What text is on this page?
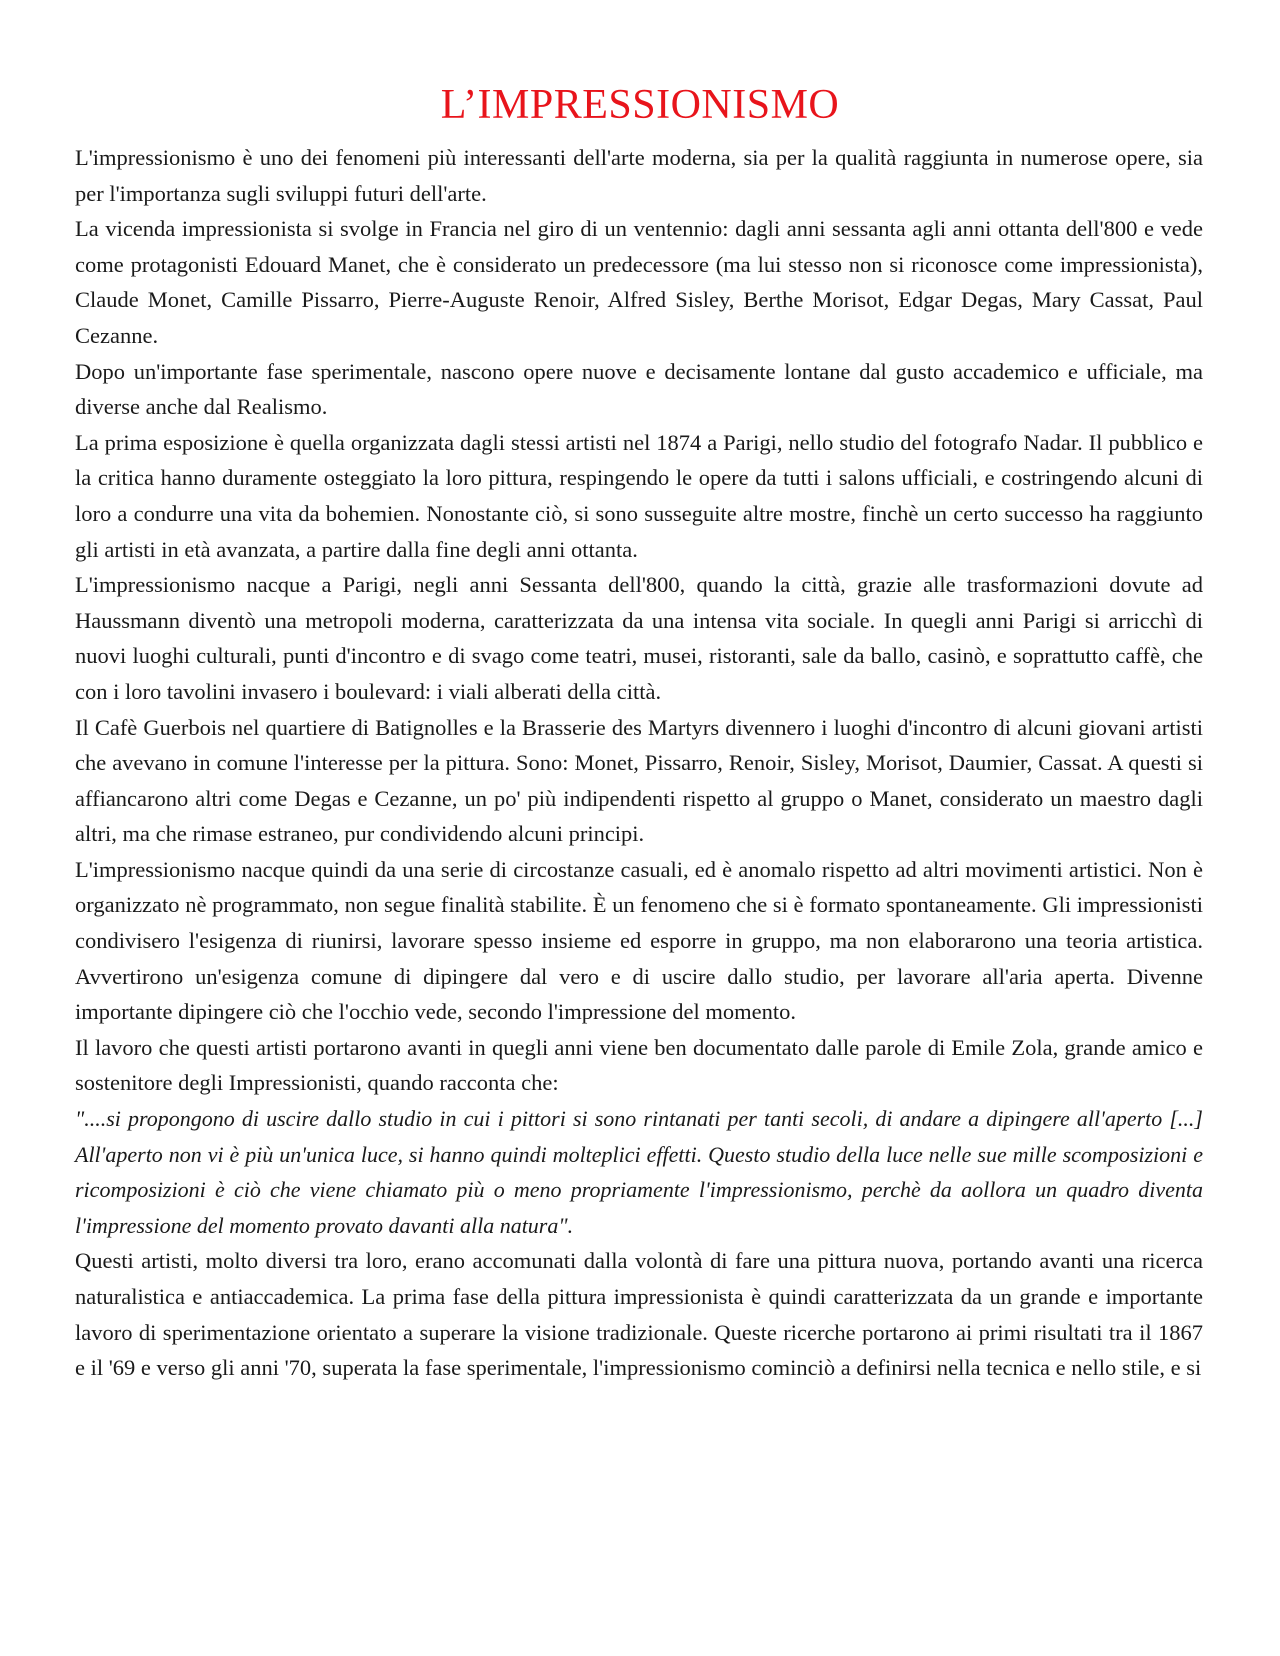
L’IMPRESSIONISMO

L'impressionismo è uno dei fenomeni più interessanti dell'arte moderna, sia per la qualità raggiunta in numerose opere, sia per l'importanza sugli sviluppi futuri dell'arte.

La vicenda impressionista si svolge in Francia nel giro di un ventennio: dagli anni sessanta agli anni ottanta dell'800 e vede come protagonisti Edouard Manet, che è considerato un predecessore (ma lui stesso non si riconosce come impressionista), Claude Monet, Camille Pissarro, Pierre-Auguste Renoir, Alfred Sisley, Berthe Morisot, Edgar Degas, Mary Cassat, Paul Cezanne.

Dopo un'importante fase sperimentale, nascono opere nuove e decisamente lontane dal gusto accademico e ufficiale, ma diverse anche dal Realismo.

La prima esposizione è quella organizzata dagli stessi artisti nel 1874 a Parigi, nello studio del fotografo Nadar. Il pubblico e la critica hanno duramente osteggiato la loro pittura, respingendo le opere da tutti i salons ufficiali, e costringendo alcuni di loro a condurre una vita da bohemien. Nonostante ciò, si sono susseguite altre mostre, finchè un certo successo ha raggiunto gli artisti in età avanzata, a partire dalla fine degli anni ottanta.

L'impressionismo nacque a Parigi, negli anni Sessanta dell'800, quando la città, grazie alle trasformazioni dovute ad Haussmann diventò una metropoli moderna, caratterizzata da una intensa vita sociale. In quegli anni Parigi si arricchì di nuovi luoghi culturali, punti d'incontro e di svago come teatri, musei, ristoranti, sale da ballo, casinò, e soprattutto caffè, che con i loro tavolini invasero i boulevard: i viali alberati della città.

Il Cafè Guerbois nel quartiere di Batignolles e la Brasserie des Martyrs divennero i luoghi d'incontro di alcuni giovani artisti che avevano in comune l'interesse per la pittura. Sono: Monet, Pissarro, Renoir, Sisley, Morisot, Daumier, Cassat. A questi si affiancarono altri come Degas e Cezanne, un po' più indipendenti rispetto al gruppo o Manet, considerato un maestro dagli altri, ma che rimase estraneo, pur condividendo alcuni principi.

L'impressionismo nacque quindi da una serie di circostanze casuali, ed è anomalo rispetto ad altri movimenti artistici. Non è organizzato nè programmato, non segue finalità stabilite. È un fenomeno che si è formato spontaneamente. Gli impressionisti condivisero l'esigenza di riunirsi, lavorare spesso insieme ed esporre in gruppo, ma non elaborarono una teoria artistica. Avvertirono un'esigenza comune di dipingere dal vero e di uscire dallo studio, per lavorare all'aria aperta. Divenne importante dipingere ciò che l'occhio vede, secondo l'impressione del momento.

Il lavoro che questi artisti portarono avanti in quegli anni viene ben documentato dalle parole di Emile Zola, grande amico e sostenitore degli Impressionisti, quando racconta che:

"....si propongono di uscire dallo studio in cui i pittori si sono rintanati per tanti secoli, di andare a dipingere all'aperto [...] All'aperto non vi è più un'unica luce, si hanno quindi molteplici effetti. Questo studio della luce nelle sue mille scomposizioni e ricomposizioni è ciò che viene chiamato più o meno propriamente l'impressionismo, perchè da aollora un quadro diventa l'impressione del momento provato davanti alla natura".

Questi artisti, molto diversi tra loro, erano accomunati dalla volontà di fare una pittura nuova, portando avanti una ricerca naturalistica e antiaccademica. La prima fase della pittura impressionista è quindi caratterizzata da un grande e importante lavoro di sperimentazione orientato a superare la visione tradizionale. Queste ricerche portarono ai primi risultati tra il 1867 e il '69 e verso gli anni '70, superata la fase sperimentale, l'impressionismo cominciò a definirsi nella tecnica e nello stile, e si
